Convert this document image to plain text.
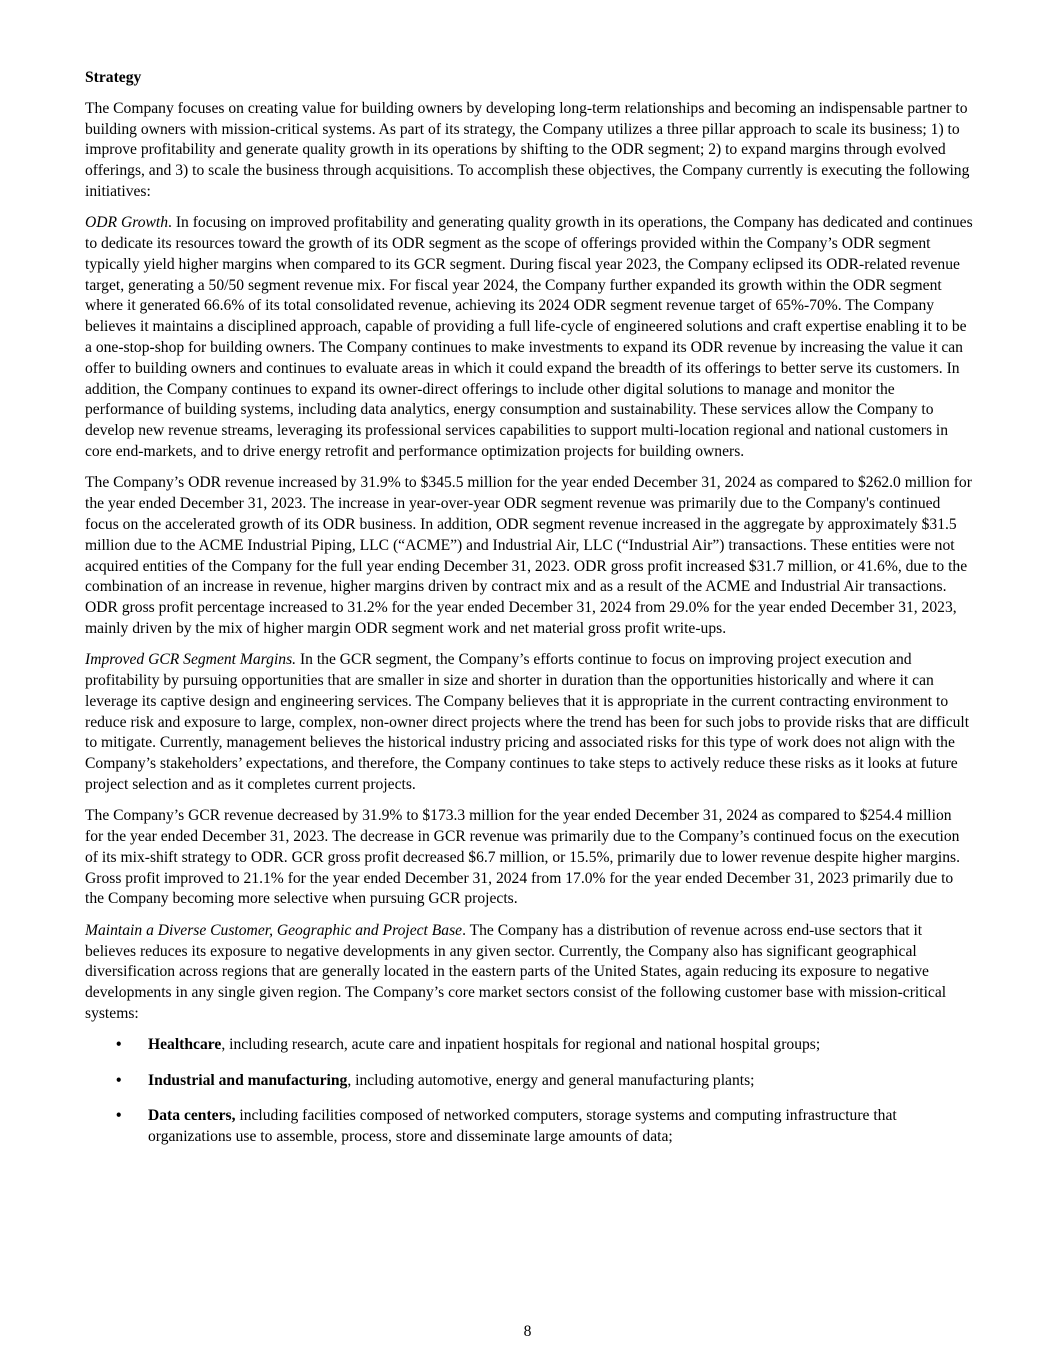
Strategy

The Company focuses on creating value for building owners by developing long-term relationships and becoming an indispensable partner to building owners with mission-critical systems. As part of its strategy, the Company utilizes a three pillar approach to scale its business; 1) to improve profitability and generate quality growth in its operations by shifting to the ODR segment; 2) to expand margins through evolved offerings, and 3) to scale the business through acquisitions. To accomplish these objectives, the Company currently is executing the following initiatives:

ODR Growth. In focusing on improved profitability and generating quality growth in its operations, the Company has dedicated and continues to dedicate its resources toward the growth of its ODR segment as the scope of offerings provided within the Company’s ODR segment typically yield higher margins when compared to its GCR segment. During fiscal year 2023, the Company eclipsed its ODR-related revenue target, generating a 50/50 segment revenue mix. For fiscal year 2024, the Company further expanded its growth within the ODR segment where it generated 66.6% of its total consolidated revenue, achieving its 2024 ODR segment revenue target of 65%-70%. The Company believes it maintains a disciplined approach, capable of providing a full life-cycle of engineered solutions and craft expertise enabling it to be a one-stop-shop for building owners. The Company continues to make investments to expand its ODR revenue by increasing the value it can offer to building owners and continues to evaluate areas in which it could expand the breadth of its offerings to better serve its customers. In addition, the Company continues to expand its owner-direct offerings to include other digital solutions to manage and monitor the performance of building systems, including data analytics, energy consumption and sustainability. These services allow the Company to develop new revenue streams, leveraging its professional services capabilities to support multi-location regional and national customers in core end-markets, and to drive energy retrofit and performance optimization projects for building owners.

The Company’s ODR revenue increased by 31.9% to $345.5 million for the year ended December 31, 2024 as compared to $262.0 million for the year ended December 31, 2023. The increase in year-over-year ODR segment revenue was primarily due to the Company's continued focus on the accelerated growth of its ODR business. In addition, ODR segment revenue increased in the aggregate by approximately $31.5 million due to the ACME Industrial Piping, LLC (“ACME”) and Industrial Air, LLC (“Industrial Air”) transactions. These entities were not acquired entities of the Company for the full year ending December 31, 2023. ODR gross profit increased $31.7 million, or 41.6%, due to the combination of an increase in revenue, higher margins driven by contract mix and as a result of the ACME and Industrial Air transactions. ODR gross profit percentage increased to 31.2% for the year ended December 31, 2024 from 29.0% for the year ended December 31, 2023, mainly driven by the mix of higher margin ODR segment work and net material gross profit write-ups.

Improved GCR Segment Margins. In the GCR segment, the Company’s efforts continue to focus on improving project execution and profitability by pursuing opportunities that are smaller in size and shorter in duration than the opportunities historically and where it can leverage its captive design and engineering services. The Company believes that it is appropriate in the current contracting environment to reduce risk and exposure to large, complex, non-owner direct projects where the trend has been for such jobs to provide risks that are difficult to mitigate. Currently, management believes the historical industry pricing and associated risks for this type of work does not align with the Company’s stakeholders’ expectations, and therefore, the Company continues to take steps to actively reduce these risks as it looks at future project selection and as it completes current projects.

The Company’s GCR revenue decreased by 31.9% to $173.3 million for the year ended December 31, 2024 as compared to $254.4 million for the year ended December 31, 2023. The decrease in GCR revenue was primarily due to the Company’s continued focus on the execution of its mix-shift strategy to ODR. GCR gross profit decreased $6.7 million, or 15.5%, primarily due to lower revenue despite higher margins. Gross profit improved to 21.1% for the year ended December 31, 2024 from 17.0% for the year ended December 31, 2023 primarily due to the Company becoming more selective when pursuing GCR projects.

Maintain a Diverse Customer, Geographic and Project Base. The Company has a distribution of revenue across end-use sectors that it believes reduces its exposure to negative developments in any given sector. Currently, the Company also has significant geographical diversification across regions that are generally located in the eastern parts of the United States, again reducing its exposure to negative developments in any single given region. The Company’s core market sectors consist of the following customer base with mission-critical systems:

• Healthcare, including research, acute care and inpatient hospitals for regional and national hospital groups;
• Industrial and manufacturing, including automotive, energy and general manufacturing plants;
• Data centers, including facilities composed of networked computers, storage systems and computing infrastructure that organizations use to assemble, process, store and disseminate large amounts of data;
8
